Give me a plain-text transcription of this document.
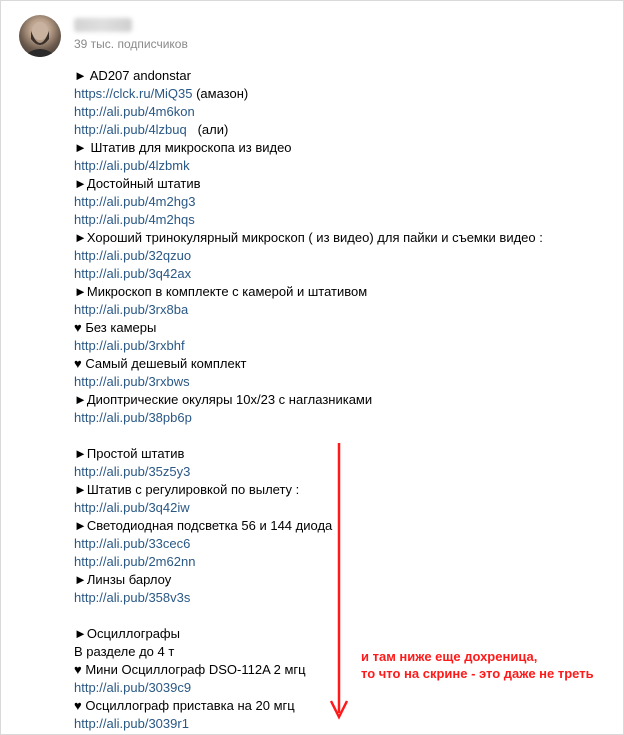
39 тыс. подписчиков
► AD207 andonstar
https://clck.ru/MiQ35 (амазон)
http://ali.pub/4m6kon
http://ali.pub/4lzbuq   (али)
► Штатив для микроскопа из видео
http://ali.pub/4lzbmk
►Достойный штатив
http://ali.pub/4m2hg3
http://ali.pub/4m2hqs
►Хороший тринокулярный микроскоп ( из видео) для пайки и съемки видео :
http://ali.pub/32qzuo
http://ali.pub/3q42ax
►Микроскоп в комплекте с камерой и штативом
http://ali.pub/3rx8ba
♥ Без камеры
http://ali.pub/3rxbhf
♥ Самый дешевый комплект
http://ali.pub/3rxbws
►Диоптрические окуляры 10x/23 с наглазниками
http://ali.pub/38pb6p
►Простой штатив
http://ali.pub/35z5y3
►Штатив с регулировкой по вылету :
http://ali.pub/3q42iw
►Светодиодная подсветка 56 и 144 диода
http://ali.pub/33cec6
http://ali.pub/2m62nn
►Линзы барлоу
http://ali.pub/358v3s
►Осциллографы
В разделе до 4 т
♥ Мини Осциллограф DSO-112A 2 мгц
http://ali.pub/3039c9
♥ Осциллограф приставка на 20 мгц
http://ali.pub/3039r1
и там ниже еще дохреница,
то что на скрине - это даже не треть
